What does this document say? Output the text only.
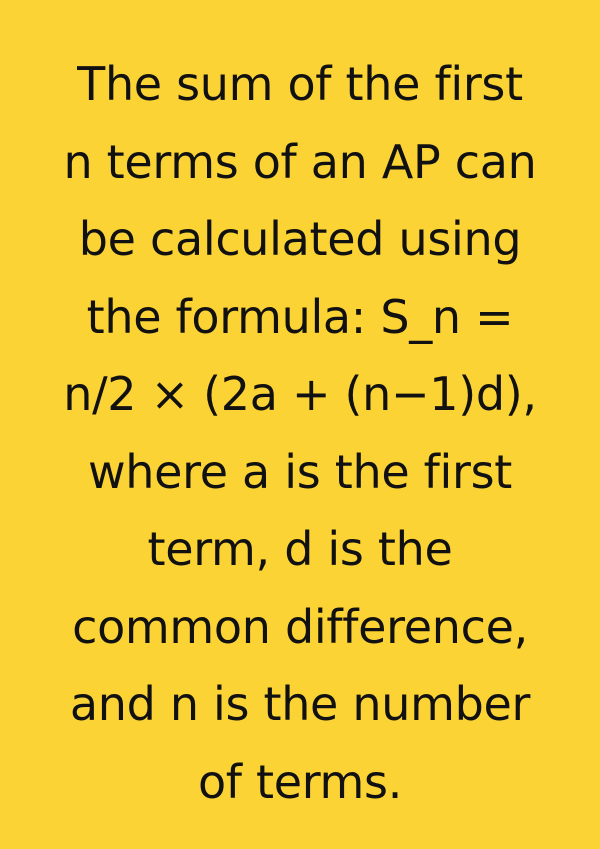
The sum of the first
n terms of an AP can
be calculated using
the formula: S_n =
n/2 × (2a + (n−1)d),
where a is the first
term, d is the
common difference,
and n is the number
of terms.
